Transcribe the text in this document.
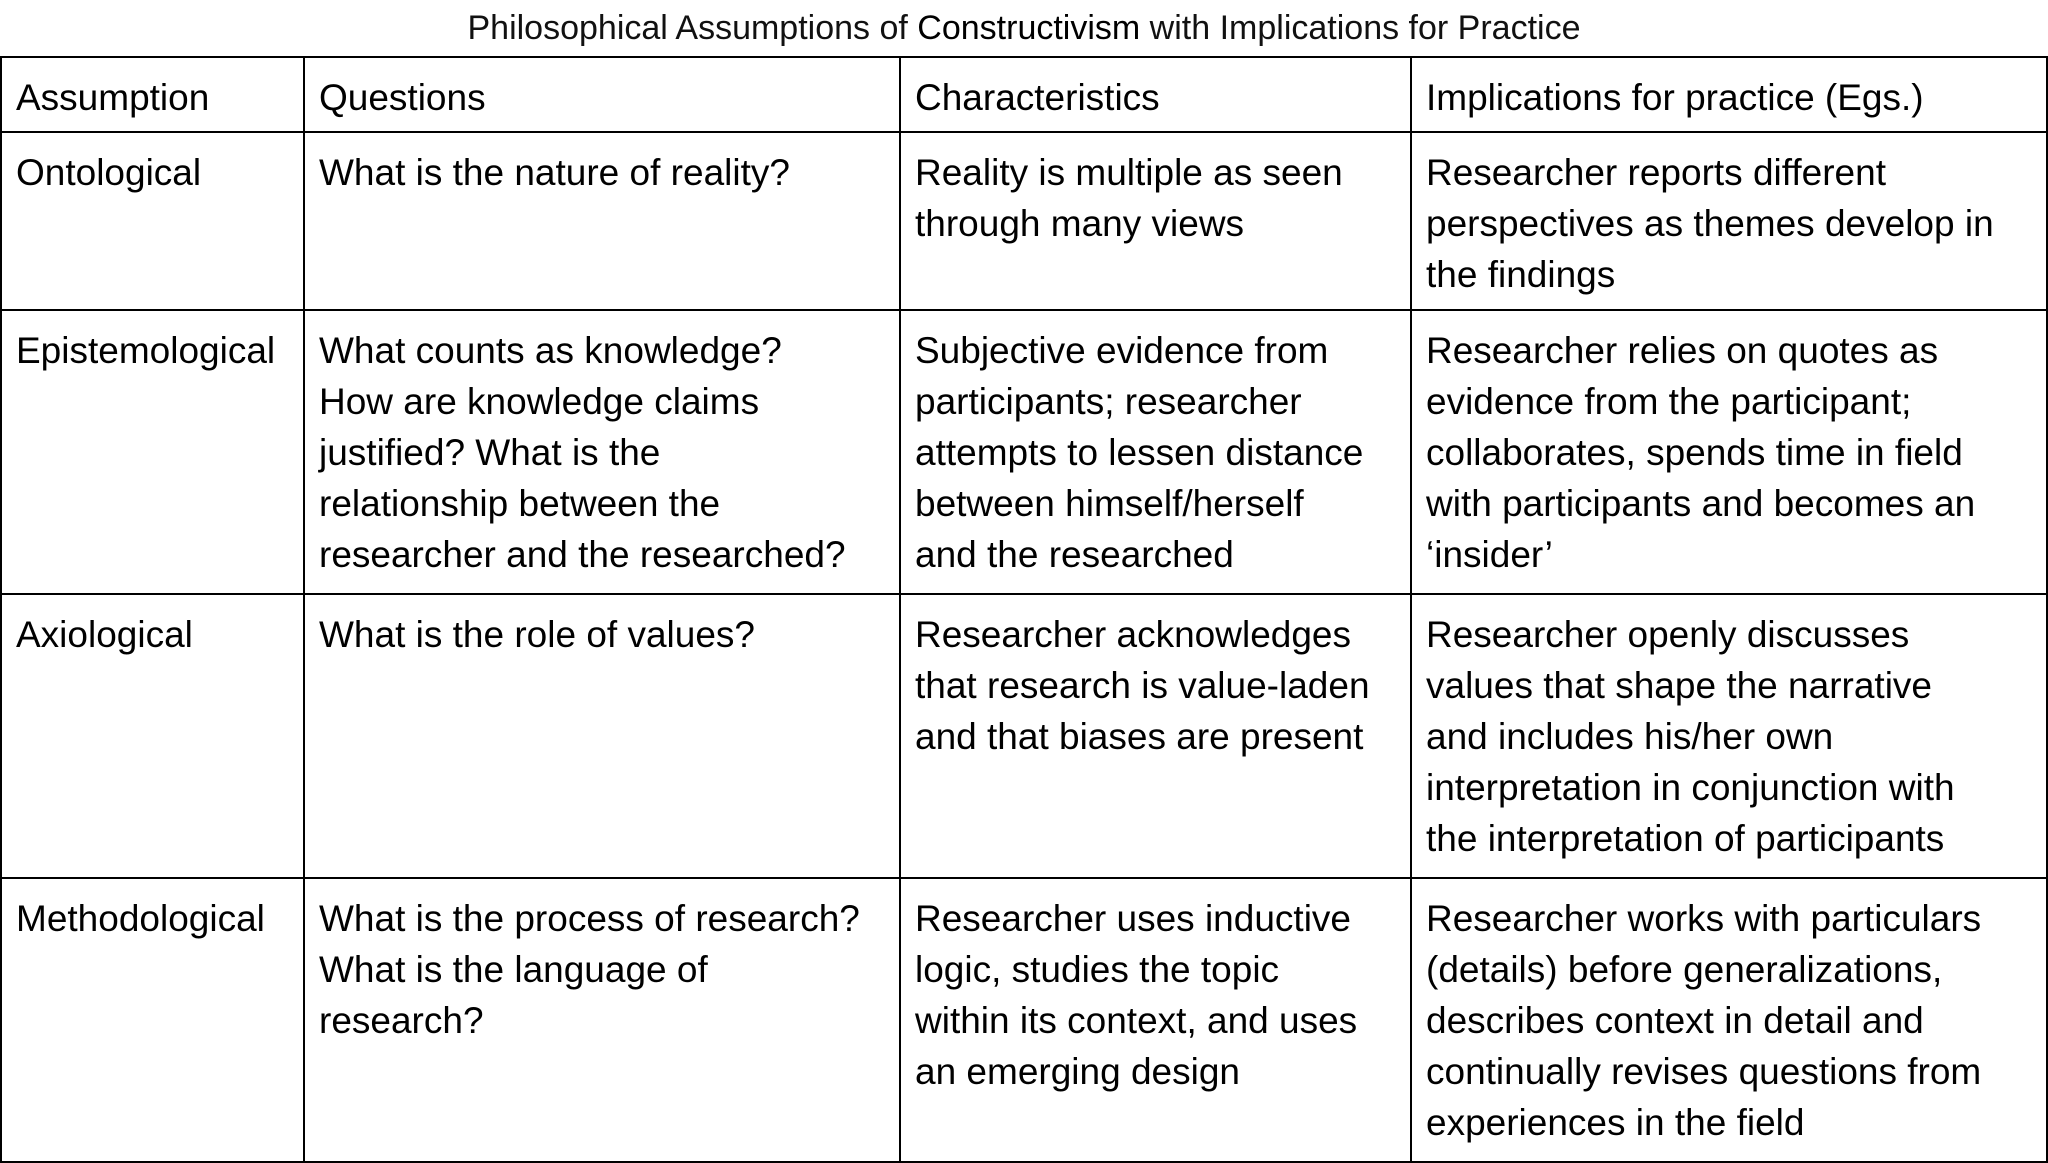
Philosophical Assumptions of Constructivism with Implications for Practice
Assumption	Questions	Characteristics	Implications for practice (Egs.)

Ontological	What is the nature of reality?	Reality is multiple as seen
through many views	Researcher reports different
perspectives as themes develop in
the findings

Epistemological	What counts as knowledge?
How are knowledge claims
justified? What is the
relationship between the
researcher and the researched?	Subjective evidence from
participants; researcher
attempts to lessen distance
between himself/herself
and the researched	Researcher relies on quotes as
evidence from the participant;
collaborates, spends time in field
with participants and becomes an
‘insider’

Axiological	What is the role of values?	Researcher acknowledges
that research is value-laden
and that biases are present	Researcher openly discusses
values that shape the narrative
and includes his/her own
interpretation in conjunction with
the interpretation of participants

Methodological	What is the process of research?
What is the language of
research?	Researcher uses inductive
logic, studies the topic
within its context, and uses
an emerging design	Researcher works with particulars
(details) before generalizations,
describes context in detail and
continually revises questions from
experiences in the field
